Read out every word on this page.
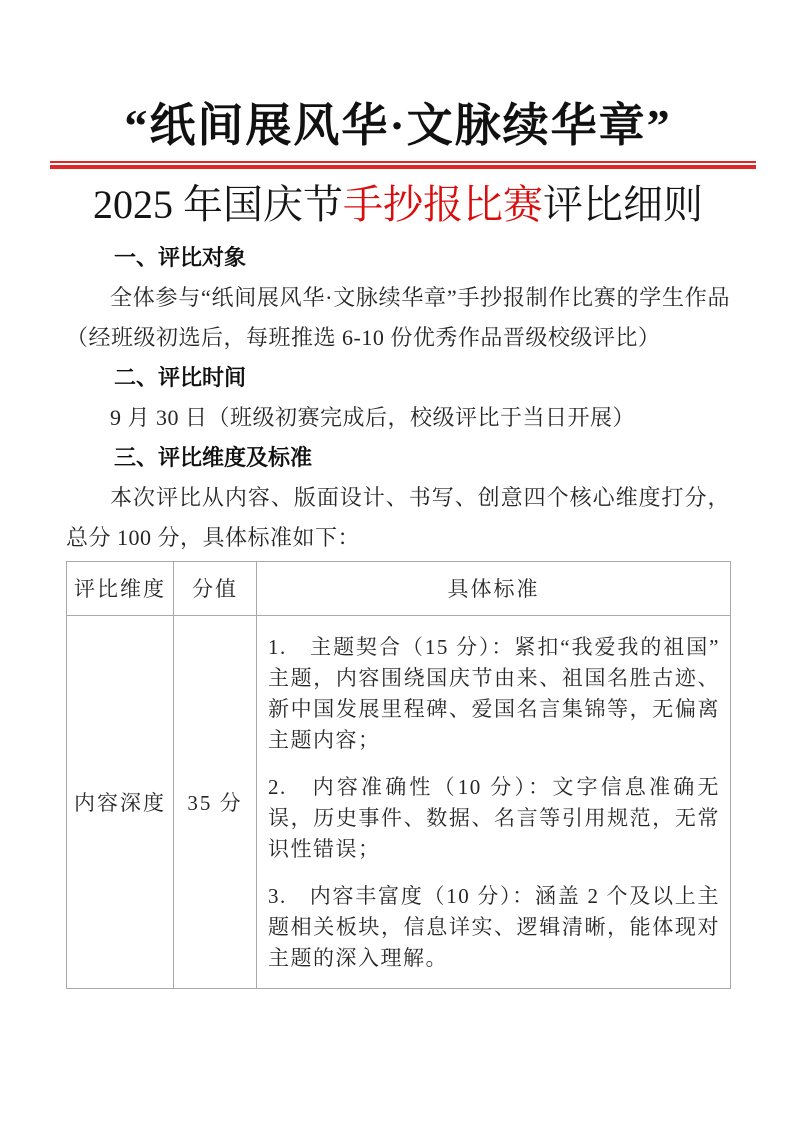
“纸间展风华·文脉续华章”
2025 年国庆节手抄报比赛评比细则

一、评比对象

全体参与“纸间展风华·文脉续华章”手抄报制作比赛的学生作品（经班级初选后，每班推选 6-10 份优秀作品晋级校级评比）

二、评比时间

9 月 30 日（班级初赛完成后，校级评比于当日开展）

三、评比维度及标准

本次评比从内容、版面设计、书写、创意四个核心维度打分，总分 100 分，具体标准如下：

评比维度	分值	具体标准
内容深度	35 分	1.　主题契合（15 分）：紧扣“我爱我的祖国”主题，内容围绕国庆节由来、祖国名胜古迹、新中国发展里程碑、爱国名言集锦等，无偏离主题内容；

2.　内容准确性（10 分）：文字信息准确无误，历史事件、数据、名言等引用规范，无常识性错误；

3.　内容丰富度（10 分）：涵盖 2 个及以上主题相关板块，信息详实、逻辑清晰，能体现对主题的深入理解。
